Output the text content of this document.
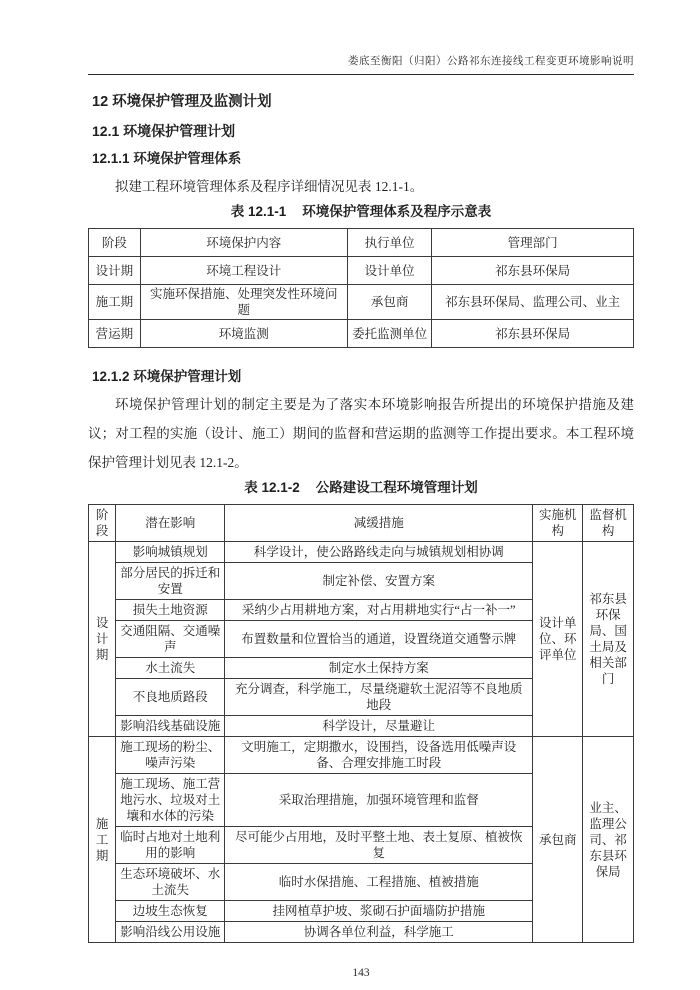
娄底至衡阳（归阳）公路祁东连接线工程变更环境影响说明
12 环境保护管理及监测计划
12.1 环境保护管理计划
12.1.1 环境保护管理体系
拟建工程环境管理体系及程序详细情况见表 12.1-1。
表 12.1-1 环境保护管理体系及程序示意表
阶段	环境保护内容	执行单位	管理部门
设计期	环境工程设计	设计单位	祁东县环保局
施工期	实施环保措施、处理突发性环境问题	承包商	祁东县环保局、监理公司、业主
营运期	环境监测	委托监测单位	祁东县环保局
12.1.2 环境保护管理计划
环境保护管理计划的制定主要是为了落实本环境影响报告所提出的环境保护措施及建议；对工程的实施（设计、施工）期间的监督和营运期的监测等工作提出要求。本工程环境保护管理计划见表 12.1-2。
表 12.1-2 公路建设工程环境管理计划
阶段	潜在影响	减缓措施	实施机构	监督机构
设计期	影响城镇规划	科学设计，使公路路线走向与城镇规划相协调	设计单位、环评单位	祁东县环保局、国土局及相关部门
	部分居民的拆迁和安置	制定补偿、安置方案		
	损失土地资源	采纳少占用耕地方案，对占用耕地实行“占一补一”		
	交通阻隔、交通噪声	布置数量和位置恰当的通道，设置绕道交通警示牌		
	水土流失	制定水土保持方案		
	不良地质路段	充分调查，科学施工，尽量绕避软土泥沼等不良地质地段		
	影响沿线基础设施	科学设计，尽量避让		
施工期	施工现场的粉尘、噪声污染	文明施工，定期撒水，设围挡，设备选用低噪声设备、合理安排施工时段	承包商	业主、监理公司、祁东县环保局
	施工现场、施工营地污水、垃圾对土壤和水体的污染	采取治理措施，加强环境管理和监督		
	临时占地对土地利用的影响	尽可能少占用地，及时平整土地、表土复原、植被恢复		
	生态环境破坏、水土流失	临时水保措施、工程措施、植被措施		
	边坡生态恢复	挂网植草护坡、浆砌石护面墙防护措施		
	影响沿线公用设施	协调各单位利益，科学施工		
143
